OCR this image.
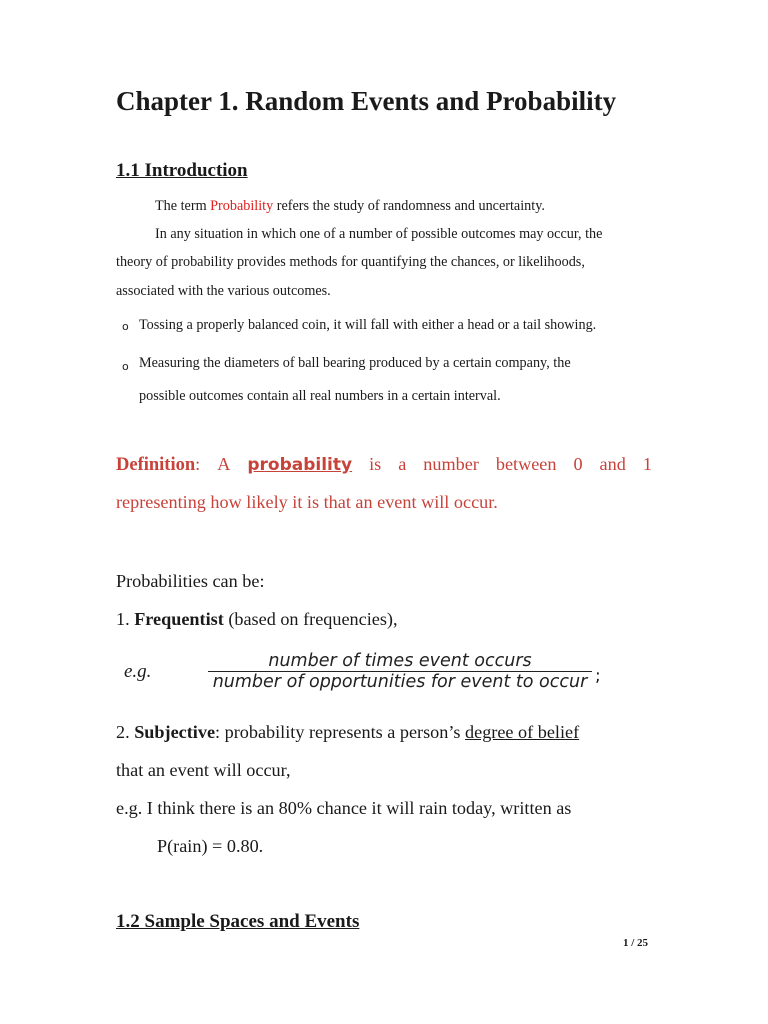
Chapter 1. Random Events and Probability
1.1 Introduction
The term Probability refers the study of randomness and uncertainty.
In any situation in which one of a number of possible outcomes may occur, the
theory of probability provides methods for quantifying the chances, or likelihoods,
associated with the various outcomes.
o Tossing a properly balanced coin, it will fall with either a head or a tail showing.
o Measuring the diameters of ball bearing produced by a certain company, the
possible outcomes contain all real numbers in a certain interval.
Definition: A probability is a number between 0 and 1
representing how likely it is that an event will occur.
Probabilities can be:
1. Frequentist (based on frequencies),
e.g.	number of times event occurs
number of opportunities for event to occur ;
2. Subjective: probability represents a person’s degree of belief
that an event will occur,
e.g. I think there is an 80% chance it will rain today, written as
P(rain) = 0.80.
1.2 Sample Spaces and Events
1 / 25
